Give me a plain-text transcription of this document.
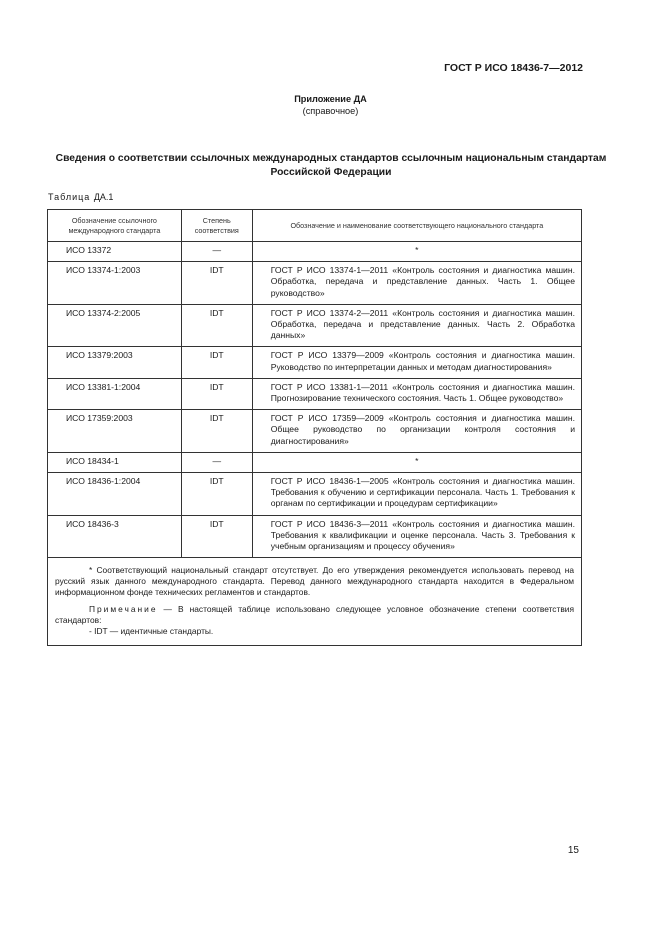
ГОСТ Р ИСО 18436-7—2012
Приложение ДА
(справочное)
Сведения о соответствии ссылочных международных стандартов ссылочным национальным стандартам Российской Федерации
Таблица ДА.1
Обозначение ссылочного международного стандарта	Степень соответствия	Обозначение и наименование соответствующего национального стандарта
ИСО 13372	—	*
ИСО 13374-1:2003	IDT	ГОСТ Р ИСО 13374-1—2011 «Контроль состояния и диагностика машин. Обработка, передача и представление данных. Часть 1. Общее руководство»

ИСО 13374-2:2005	IDT	ГОСТ Р ИСО 13374-2—2011 «Контроль состояния и диагностика машин. Обработка, передача и представление данных. Часть 2. Обработка данных»

ИСО 13379:2003	IDT	ГОСТ Р ИСО 13379—2009 «Контроль состояния и диагностика машин. Руководство по интерпретации данных и методам диагностирования»

ИСО 13381-1:2004	IDT	ГОСТ Р ИСО 13381-1—2011 «Контроль состояния и диагностика машин. Прогнозирование технического состояния. Часть 1. Общее руководство»

ИСО 17359:2003	IDT	ГОСТ Р ИСО 17359—2009 «Контроль состояния и диагностика машин. Общее руководство по организации контроля состояния и диагностирования»

ИСО 18434-1	—	*
ИСО 18436-1:2004	IDT	ГОСТ Р ИСО 18436-1—2005 «Контроль состояния и диагностика машин. Требования к обучению и сертификации персонала. Часть 1. Требования к органам по сертификации и процедурам сертификации»

ИСО 18436-3	IDT	ГОСТ Р ИСО 18436-3—2011 «Контроль состояния и диагностика машин. Требования к квалификации и оценке персонала. Часть 3. Требования к учебным организациям и процессу обучения»

* Соответствующий национальный стандарт отсутствует. До его утверждения рекомендуется использовать перевод на русский язык данного международного стандарта. Перевод данного международного стандарта находится в Федеральном информационном фонде технических регламентов и стандартов.

Примечание — В настоящей таблице использовано следующее условное обозначение степени соответствия стандартов:

- IDT — идентичные стандарты.		

15
